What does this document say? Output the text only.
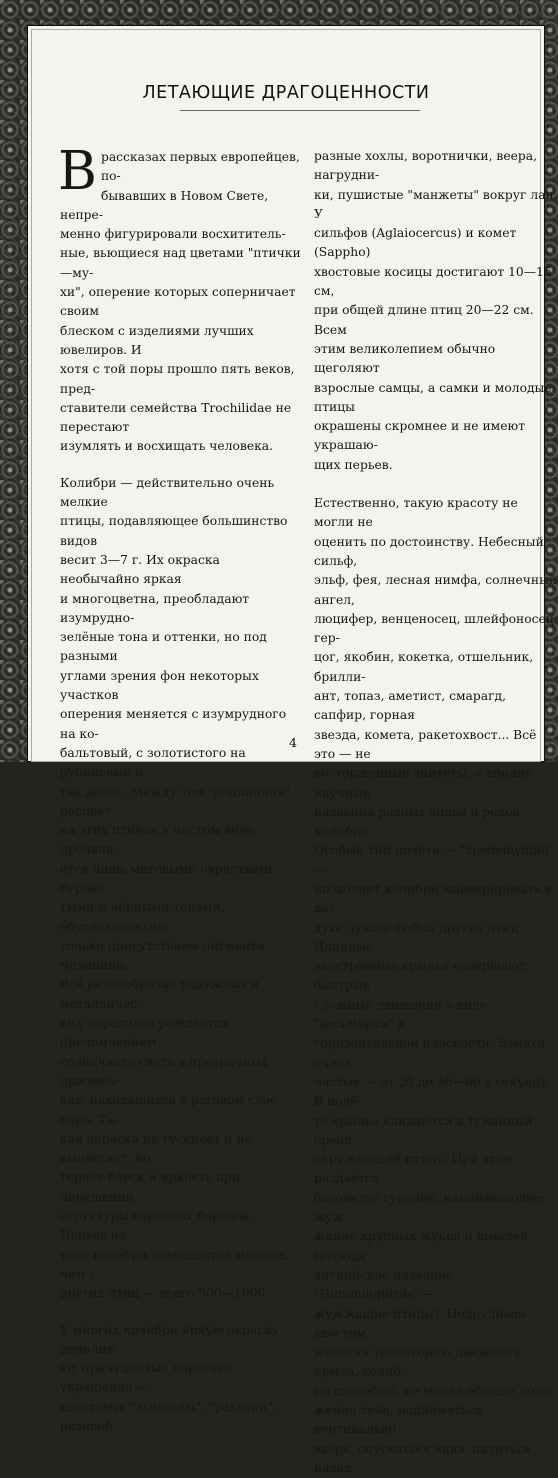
ЛЕТАЮЩИЕ ДРАГОЦЕННОСТИ

В рассказах первых европейцев, по-
бывавших в Новом Свете, непре-
менно фигурировали восхититель-
ные, вьющиеся над цветами "птички—му-
хи", оперение которых соперничает своим
блеском с изделиями лучших ювелиров. И
хотя с той поры прошло пять веков, пред-
ставители семейства Trochilidae не перестают
изумлять и восхищать человека.

Колибри — действительно очень мелкие
птицы, подавляющее большинство видов
весит 3—7 г. Их окраска необычайно яркая
и многоцветна, преобладают изумрудно-
зелёные тона и оттенки, но под разными
углами зрения фон некоторых участков
оперения меняется с изумрудного на ко-
бальтовый, с золотистого на рубиновый и
так далее. Между тем "подлинная" расцвет-
ка этих птичек в чистом виде проявля-
ется лишь матовыми охристыми, бурова-
тыми и чёрными тонами, обусловленными
только присутствием пигмента меланина.
Всё разнообразие радужных и металличес-
ких переливов рождается преломлением
солнечного света в прозрачных призмоч-
ках, находящихся в роговом слое пера. Та-
кая окраска не тускнеет и не выцветает, но
теряет блеск и яркость при нарушении
структуры перьевых бородок. Перьев на
теле колибри помещается меньше, чем у
других птиц — всего 900—1000.

У многих колибри яркую окраску дополня-
ют причудливые перьевые украшения —
хвостовые "вымпелы", "ракетки", разнооб-

разные хохлы, воротнички, веера, нагрудни-
ки, пушистые "манжеты" вокруг лап. У
сильфов (Aglaiocercus) и комет (Sappho)
хвостовые косицы достигают 10—15 см,
при общей длине птиц 20—22 см. Всем
этим великолепием обычно щеголяют
взрослые самцы, а самки и молодые птицы
окрашены скромнее и не имеют украшаю-
щих перьев.

Естественно, такую красоту не могли не
оценить по достоинству. Небесный сильф,
эльф, фея, лесная нимфа, солнечный ангел,
люцифер, венценосец, шлейфоносец, гер-
цог, якобин, кокетка, отшельник, брилли-
ант, топаз, аметист, смарагд, сапфир, горная
звезда, комета, ракетохвост... Всё это — не
восторженные эпитеты, а вполне научные
названия разных видов и родов колибри.
Особый тип полёта — "трепещущий" —
позволяет колибри маневрировать в воз-
духе лучше любых других птиц. Длинные
заострённые крылья совершают быстрые
сложные движения в виде "восьмёрки" в
горизонтальной плоскости. Взмахи очень
частые — от 20 до 50—80 в секунду. В полё-
те крылья сливаются в туманный ореол,
окружающий птицу. При этом раздаётся
басовитое гудение, напоминающее жуж-
жание крупных жуков и шмелей (отсюда
английское название "Hummingbirds" —
жужжащие птицы). Подруливая хвостом,
изменяя траекторию движения крыла, колиб-
ри способны, не меняя общего поло-
жения тела, подниматься вертикально
вверх, опускаться вниз, пятиться назад.

4
